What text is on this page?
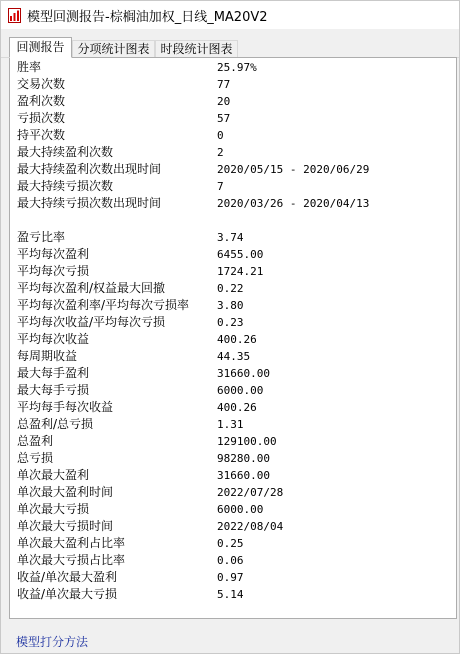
模型回测报告-棕榈油加权_日线_MA20V2
回测报告	分项统计图表 时段统计图表
胜率	25.97%
交易次数	77
盈利次数	20
亏损次数	57
持平次数	0
最大持续盈利次数	2
最大持续盈利次数出现时间	2020/05/15 - 2020/06/29
最大持续亏损次数	7
最大持续亏损次数出现时间	2020/03/26 - 2020/04/13
盈亏比率	3.74
平均每次盈利	6455.00
平均每次亏损	1724.21
平均每次盈利/权益最大回撤	0.22
平均每次盈利率/平均每次亏损率	3.80
平均每次收益/平均每次亏损	0.23
平均每次收益	400.26
每周期收益	44.35
最大每手盈利	31660.00
最大每手亏损	6000.00
平均每手每次收益	400.26
总盈利/总亏损	1.31
总盈利	129100.00
总亏损	98280.00
单次最大盈利	31660.00
单次最大盈利时间	2022/07/28
单次最大亏损	6000.00
单次最大亏损时间	2022/08/04
单次最大盈利占比率	0.25
单次最大亏损占比率	0.06
收益/单次最大盈利	0.97
收益/单次最大亏损	5.14
模型打分方法
